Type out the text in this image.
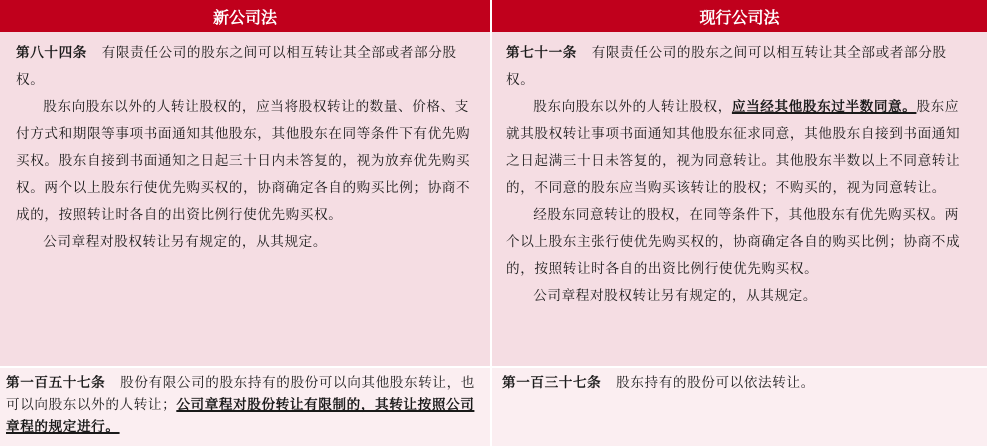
新公司法	现行公司法

第八十四条 有限责任公司的股东之间可以相互转让其全部或者部分股权。

股东向股东以外的人转让股权的，应当将股权转让的数量、价格、支付方式和期限等事项书面通知其他股东，其他股东在同等条件下有优先购买权。股东自接到书面通知之日起三十日内未答复的，视为放弃优先购买权。两个以上股东行使优先购买权的，协商确定各自的购买比例；协商不成的，按照转让时各自的出资比例行使优先购买权。

公司章程对股权转让另有规定的，从其规定。

第七十一条 有限责任公司的股东之间可以相互转让其全部或者部分股权。

股东向股东以外的人转让股权，应当经其他股东过半数同意。股东应就其股权转让事项书面通知其他股东征求同意，其他股东自接到书面通知之日起满三十日未答复的，视为同意转让。其他股东半数以上不同意转让的，不同意的股东应当购买该转让的股权；不购买的，视为同意转让。

经股东同意转让的股权，在同等条件下，其他股东有优先购买权。两个以上股东主张行使优先购买权的，协商确定各自的购买比例；协商不成的，按照转让时各自的出资比例行使优先购买权。

公司章程对股权转让另有规定的，从其规定。

第一百五十七条 股份有限公司的股东持有的股份可以向其他股东转让，也可以向股东以外的人转让；公司章程对股份转让有限制的，其转让按照公司章程的规定进行。

第一百三十七条 股东持有的股份可以依法转让。
